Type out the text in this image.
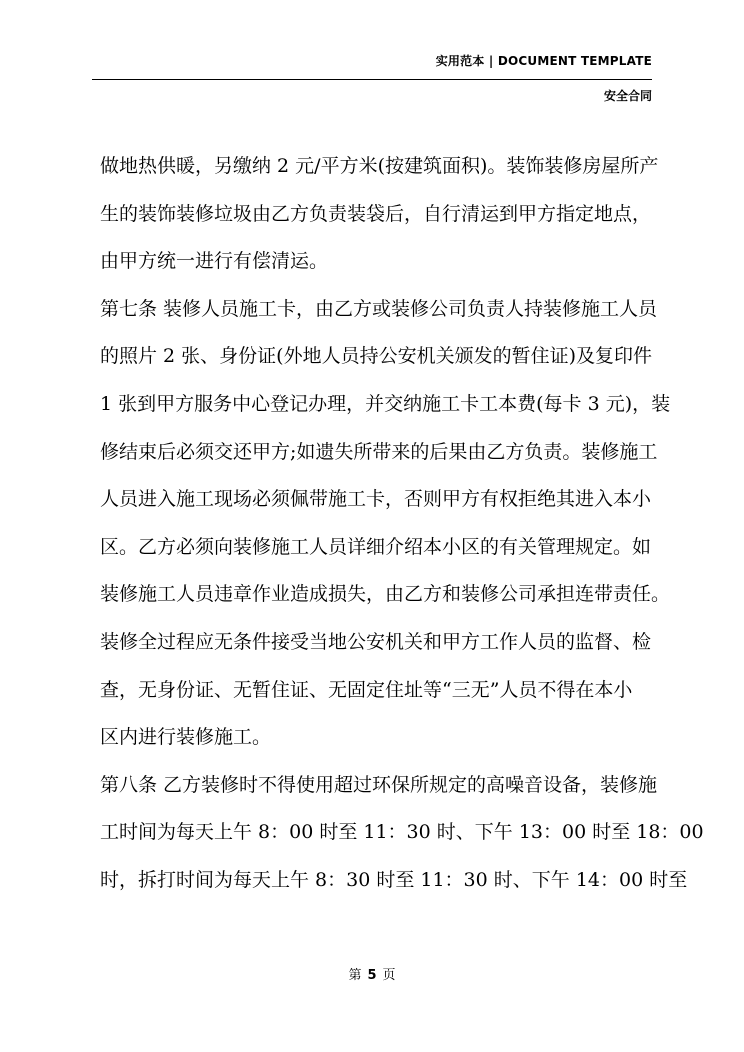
实用范本 | DOCUMENT TEMPLATE
安全合同
做地热供暖，另缴纳 2 元/平方米(按建筑面积)。装饰装修房屋所产
生的装饰装修垃圾由乙方负责装袋后，自行清运到甲方指定地点，
由甲方统一进行有偿清运。
第七条 装修人员施工卡，由乙方或装修公司负责人持装修施工人员
的照片 2 张、身份证(外地人员持公安机关颁发的暂住证)及复印件
1 张到甲方服务中心登记办理，并交纳施工卡工本费(每卡 3 元)，装
修结束后必须交还甲方;如遗失所带来的后果由乙方负责。装修施工
人员进入施工现场必须佩带施工卡，否则甲方有权拒绝其进入本小
区。乙方必须向装修施工人员详细介绍本小区的有关管理规定。如
装修施工人员违章作业造成损失，由乙方和装修公司承担连带责任。
装修全过程应无条件接受当地公安机关和甲方工作人员的监督、检
查，无身份证、无暂住证、无固定住址等“三无”人员不得在本小
区内进行装修施工。
第八条 乙方装修时不得使用超过环保所规定的高噪音设备，装修施
工时间为每天上午 8：00 时至 11：30 时、下午 13：00 时至 18：00
时，拆打时间为每天上午 8：30 时至 11：30 时、下午 14：00 时至
第 5 页
